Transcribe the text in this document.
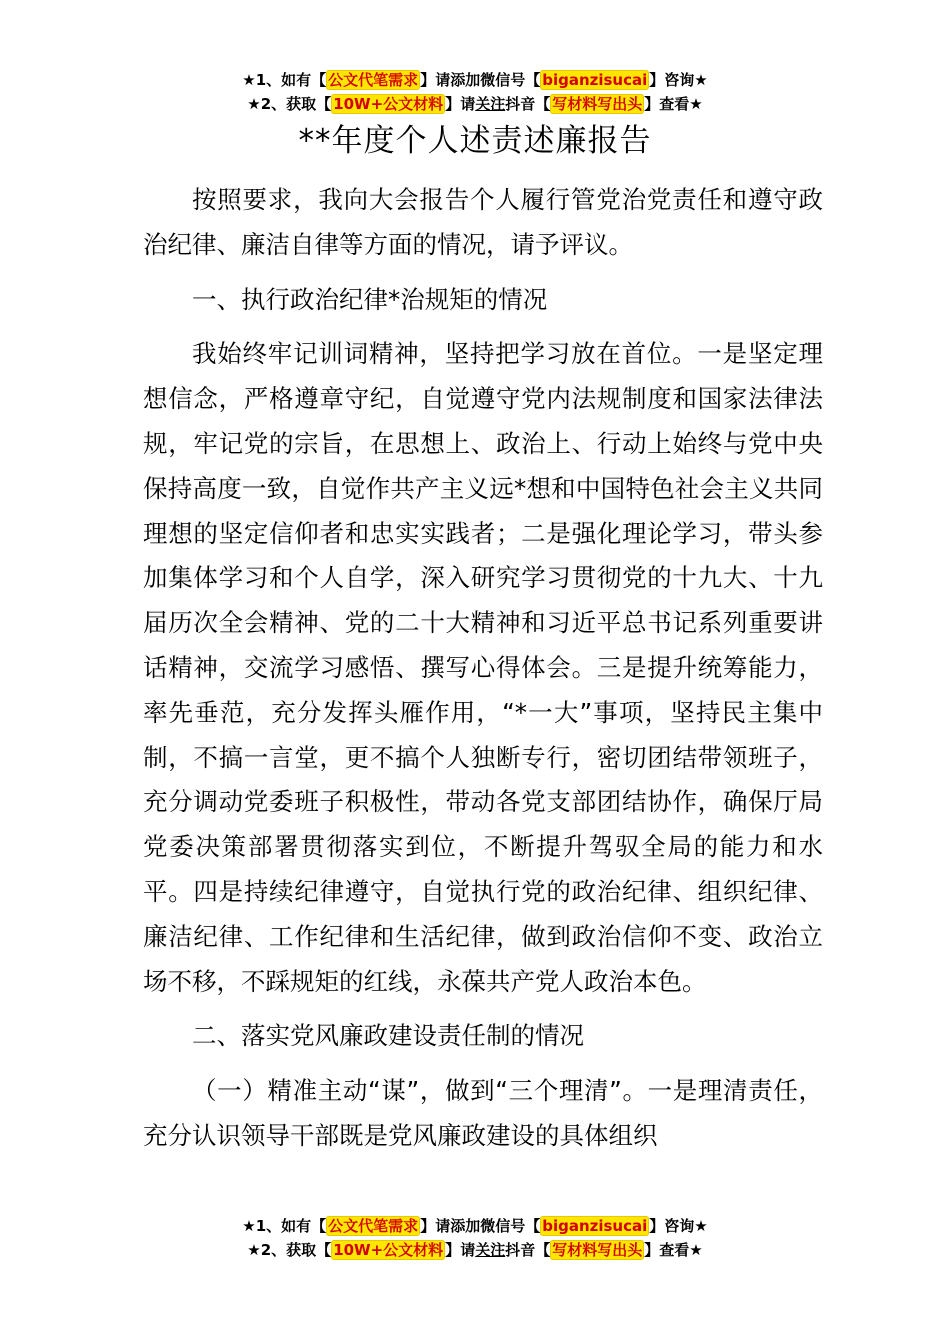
★1、如有【 公文代笔需求 】请添加微信号【 biganzisucai 】咨询★
★2、获取【 10W+公文材料 】请关注抖音【 写材料写出头 】查看★
**年度个人述责述廉报告

按照要求，我向大会报告个人履行管党治党责任和遵守政治纪律、廉洁自律等方面的情况，请予评议。

一、执行政治纪律*治规矩的情况

我始终牢记训词精神，坚持把学习放在首位。一是坚定理想信念，严格遵章守纪，自觉遵守党内法规制度和国家法律法规，牢记党的宗旨，在思想上、政治上、行动上始终与党中央保持高度一致，自觉作共产主义远*想和中国特色社会主义共同理想的坚定信仰者和忠实实践者；二是强化理论学习，带头参加集体学习和个人自学，深入研究学习贯彻党的十九大、十九届历次全会精神、党的二十大精神和习近平总书记系列重要讲话精神，交流学习感悟、撰写心得体会。三是提升统筹能力，率先垂范，充分发挥头雁作用，“*一大”事项，坚持民主集中制，不搞一言堂，更不搞个人独断专行，密切团结带领班子，充分调动党委班子积极性，带动各党支部团结协作，确保厅局党委决策部署贯彻落实到位，不断提升驾驭全局的能力和水平。四是持续纪律遵守，自觉执行党的政治纪律、组织纪律、廉洁纪律、工作纪律和生活纪律，做到政治信仰不变、政治立场不移，不踩规矩的红线，永葆共产党人政治本色。

二、落实党风廉政建设责任制的情况

（一）精准主动“谋”，做到“三个理清”。一是理清责任，充分认识领导干部既是党风廉政建设的具体组织

★1、如有【 公文代笔需求 】请添加微信号【 biganzisucai 】咨询★
★2、获取【 10W+公文材料 】请关注抖音【 写材料写出头 】查看★
